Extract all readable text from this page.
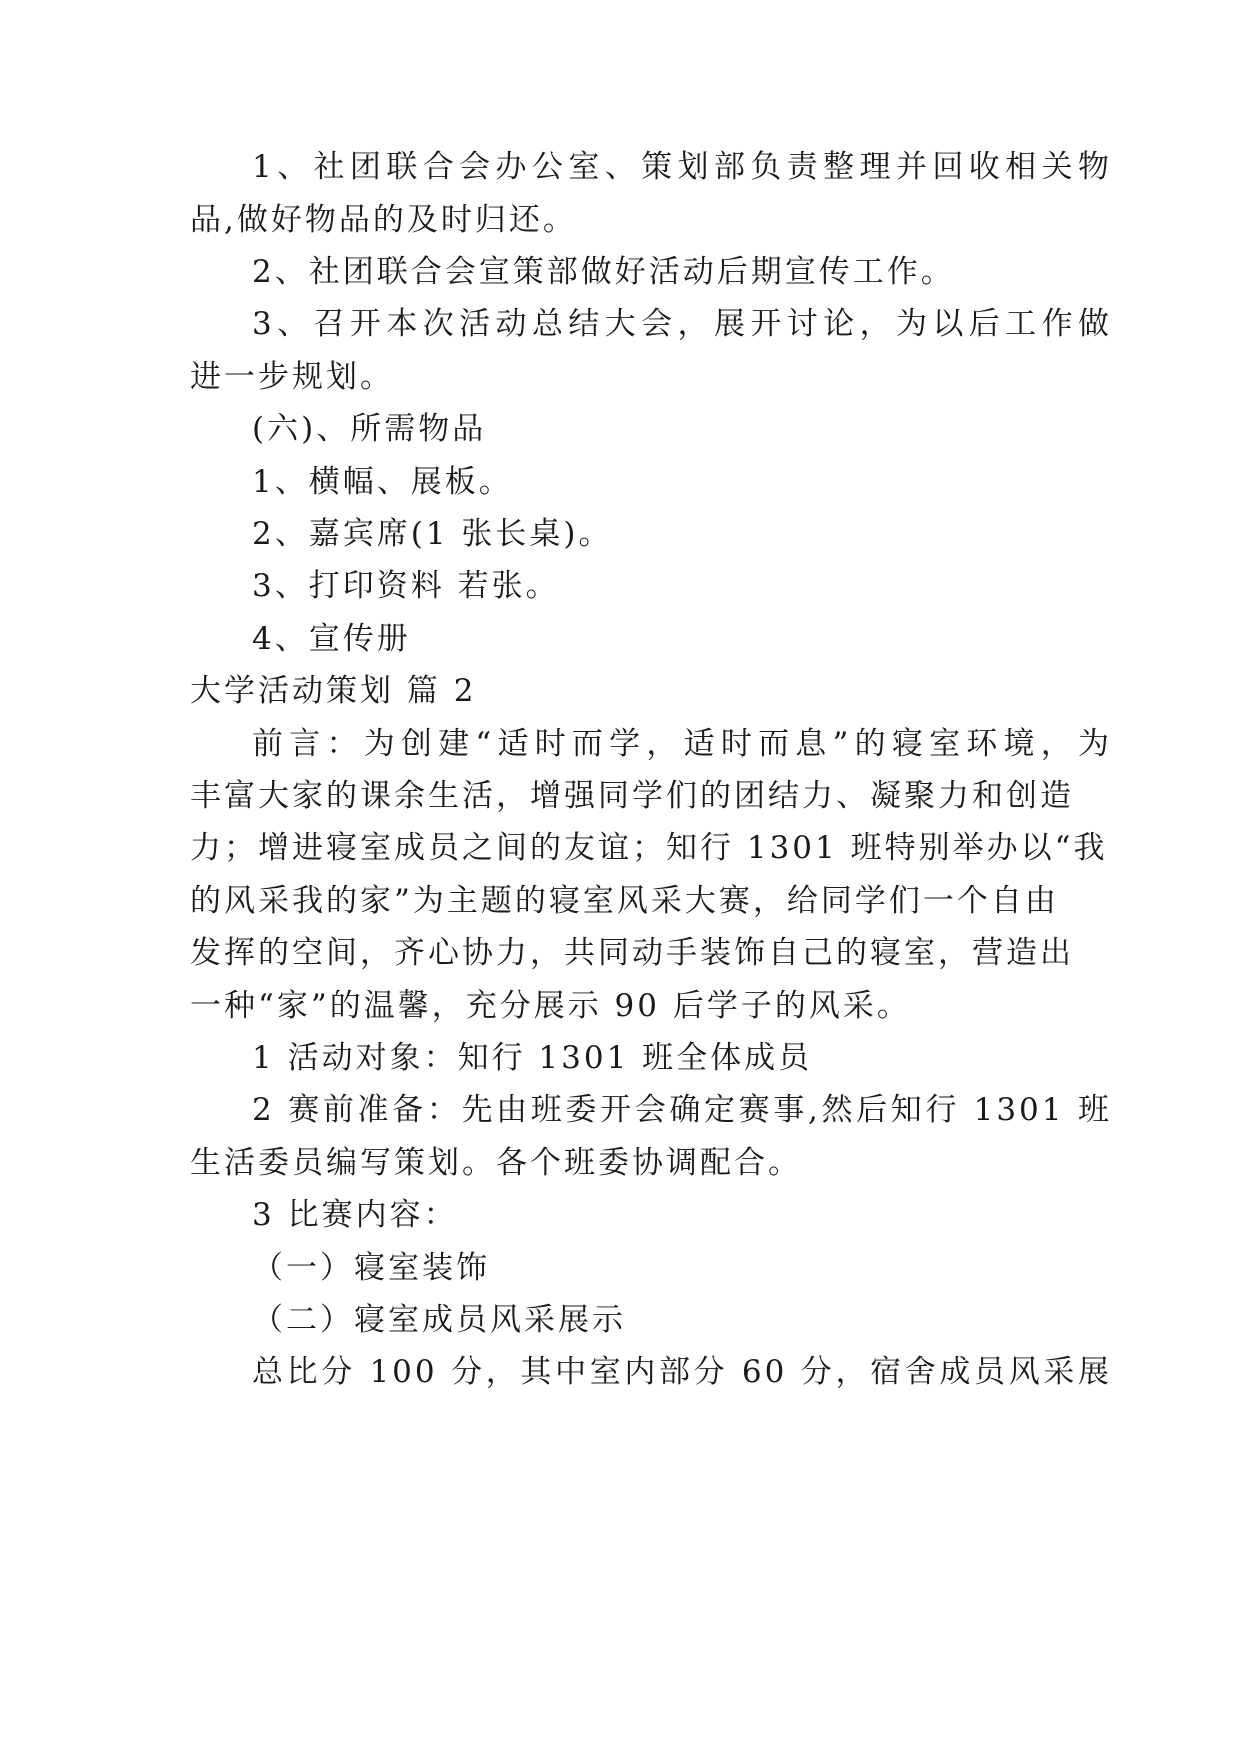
1、社团联合会办公室、策划部负责整理并回收相关物
品,做好物品的及时归还。
2、社团联合会宣策部做好活动后期宣传工作。
3、召开本次活动总结大会，展开讨论，为以后工作做
进一步规划。
(六)、所需物品
1、横幅、展板。
2、嘉宾席(1 张长桌)。
3、打印资料 若张。
4、宣传册
大学活动策划 篇 2
前言：为创建“适时而学，适时而息”的寝室环境，为
丰富大家的课余生活，增强同学们的团结力、凝聚力和创造
力；增进寝室成员之间的友谊；知行 1301 班特别举办以“我
的风采我的家”为主题的寝室风采大赛，给同学们一个自由
发挥的空间，齐心协力，共同动手装饰自己的寝室，营造出
一种“家”的温馨，充分展示 90 后学子的风采。
1 活动对象：知行 1301 班全体成员
2 赛前准备：先由班委开会确定赛事,然后知行 1301 班
生活委员编写策划。各个班委协调配合。
3 比赛内容：
（一）寝室装饰
（二）寝室成员风采展示
总比分 100 分，其中室内部分 60 分，宿舍成员风采展
